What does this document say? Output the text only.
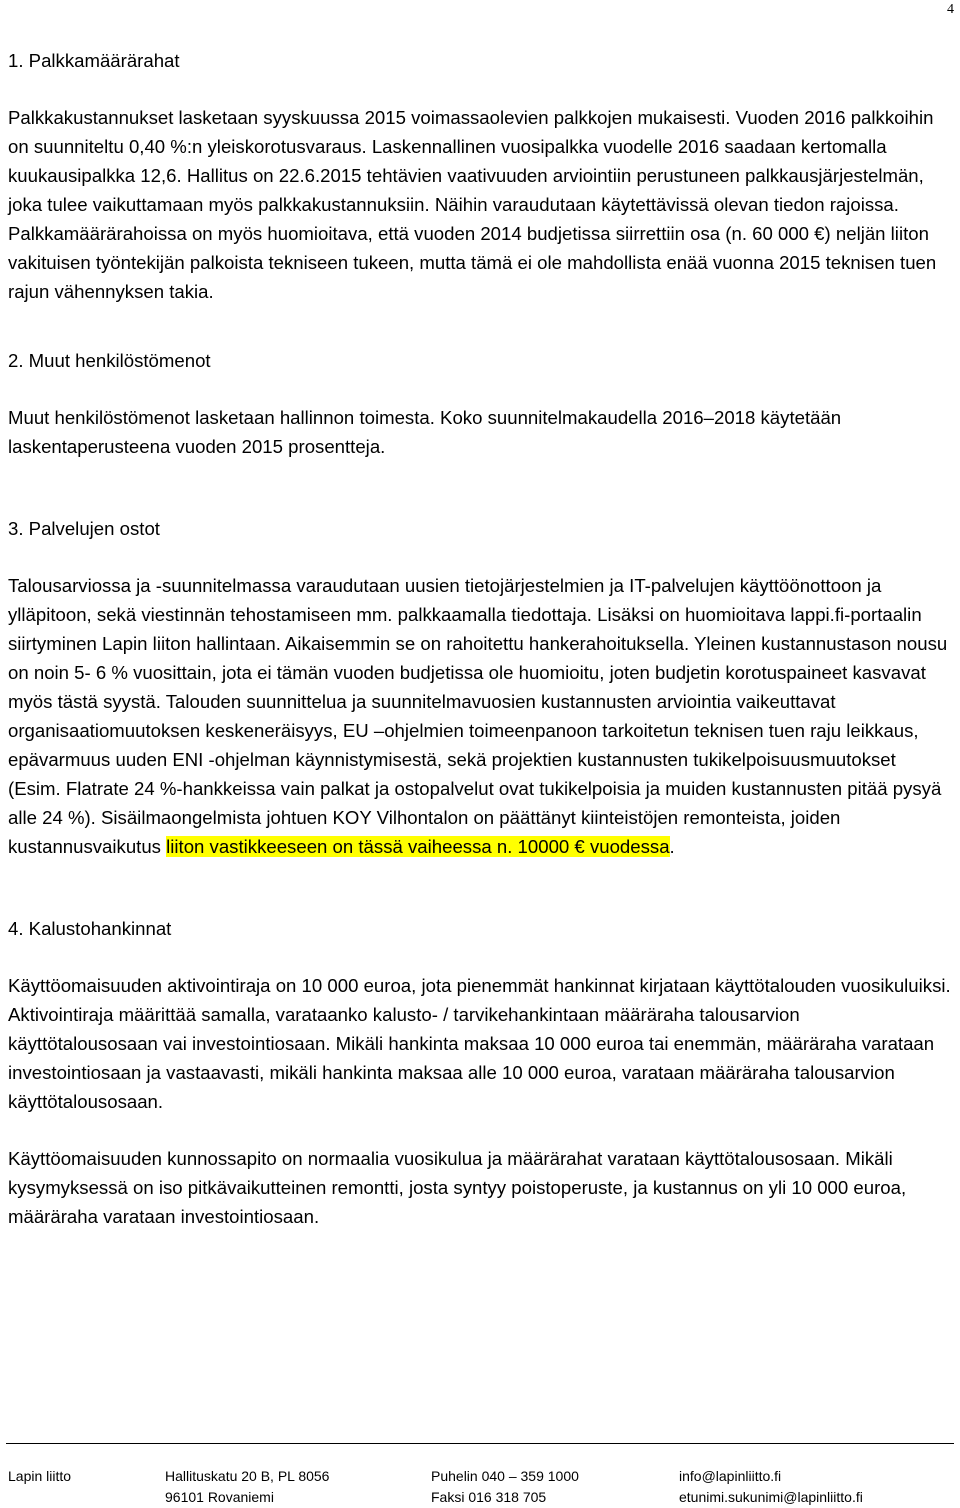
4
1. Palkkamäärärahat

Palkkakustannukset lasketaan syyskuussa 2015 voimassaolevien palkkojen mukaisesti. Vuoden 2016 palkkoihin on suunniteltu 0,40 %:n yleiskorotusvaraus. Laskennallinen vuosipalkka vuodelle 2016 saadaan kertomalla kuukausipalkka 12,6. Hallitus on 22.6.2015 tehtävien vaativuuden arviointiin perustuneen palkkausjärjestelmän, joka tulee vaikuttamaan myös palkkakustannuksiin. Näihin varaudutaan käytettävissä olevan tiedon rajoissa. Palkkamäärärahoissa on myös huomioitava, että vuoden 2014 budjetissa siirrettiin osa (n. 60 000 €) neljän liiton vakituisen työntekijän palkoista tekniseen tukeen, mutta tämä ei ole mahdollista enää vuonna 2015 teknisen tuen rajun vähennyksen takia.

2. Muut henkilöstömenot

Muut henkilöstömenot lasketaan hallinnon toimesta. Koko suunnitelmakaudella 2016–2018 käytetään laskentaperusteena vuoden 2015 prosentteja.

3. Palvelujen ostot

Talousarviossa ja -suunnitelmassa varaudutaan uusien tietojärjestelmien ja IT-palvelujen käyttöönottoon ja ylläpitoon, sekä viestinnän tehostamiseen mm. palkkaamalla tiedottaja. Lisäksi on huomioitava lappi.fi-portaalin siirtyminen Lapin liiton hallintaan. Aikaisemmin se on rahoitettu hankerahoituksella. Yleinen kustannustason nousu on noin 5- 6 % vuosittain, jota ei tämän vuoden budjetissa ole huomioitu, joten budjetin korotuspaineet kasvavat myös tästä syystä. Talouden suunnittelua ja suunnitelmavuosien kustannusten arviointia vaikeuttavat organisaatiomuutoksen keskeneräisyys, EU –ohjelmien toimeenpanoon tarkoitetun teknisen tuen raju leikkaus, epävarmuus uuden ENI -ohjelman käynnistymisestä, sekä projektien kustannusten tukikelpoisuusmuutokset (Esim. Flatrate 24 %-hankkeissa vain palkat ja ostopalvelut ovat tukikelpoisia ja muiden kustannusten pitää pysyä alle 24 %). Sisäilmaongelmista johtuen KOY Vilhontalon on päättänyt kiinteistöjen remonteista, joiden kustannusvaikutus liiton vastikkeeseen on tässä vaiheessa n. 10000 € vuodessa.

4. Kalustohankinnat

Käyttöomaisuuden aktivointiraja on 10 000 euroa, jota pienemmät hankinnat kirjataan käyttötalouden vuosikuluiksi. Aktivointiraja määrittää samalla, varataanko kalusto- / tarvikehankintaan määräraha talousarvion käyttötalousosaan vai investointiosaan. Mikäli hankinta maksaa 10 000 euroa tai enemmän, määräraha varataan investointiosaan ja vastaavasti, mikäli hankinta maksaa alle 10 000 euroa, varataan määräraha talousarvion käyttötalousosaan.

Käyttöomaisuuden kunnossapito on normaalia vuosikulua ja määrärahat varataan käyttötalousosaan. Mikäli kysymyksessä on iso pitkävaikutteinen remontti, josta syntyy poistoperuste, ja kustannus on yli 10 000 euroa, määräraha varataan investointiosaan.

Lapin liitto	Hallituskatu 20 B, PL 8056
96101 Rovaniemi
Puhelin 040 – 359 1000
Faksi 016 318 705
info@lapinliitto.fi
etunimi.sukunimi@lapinliitto.fi
